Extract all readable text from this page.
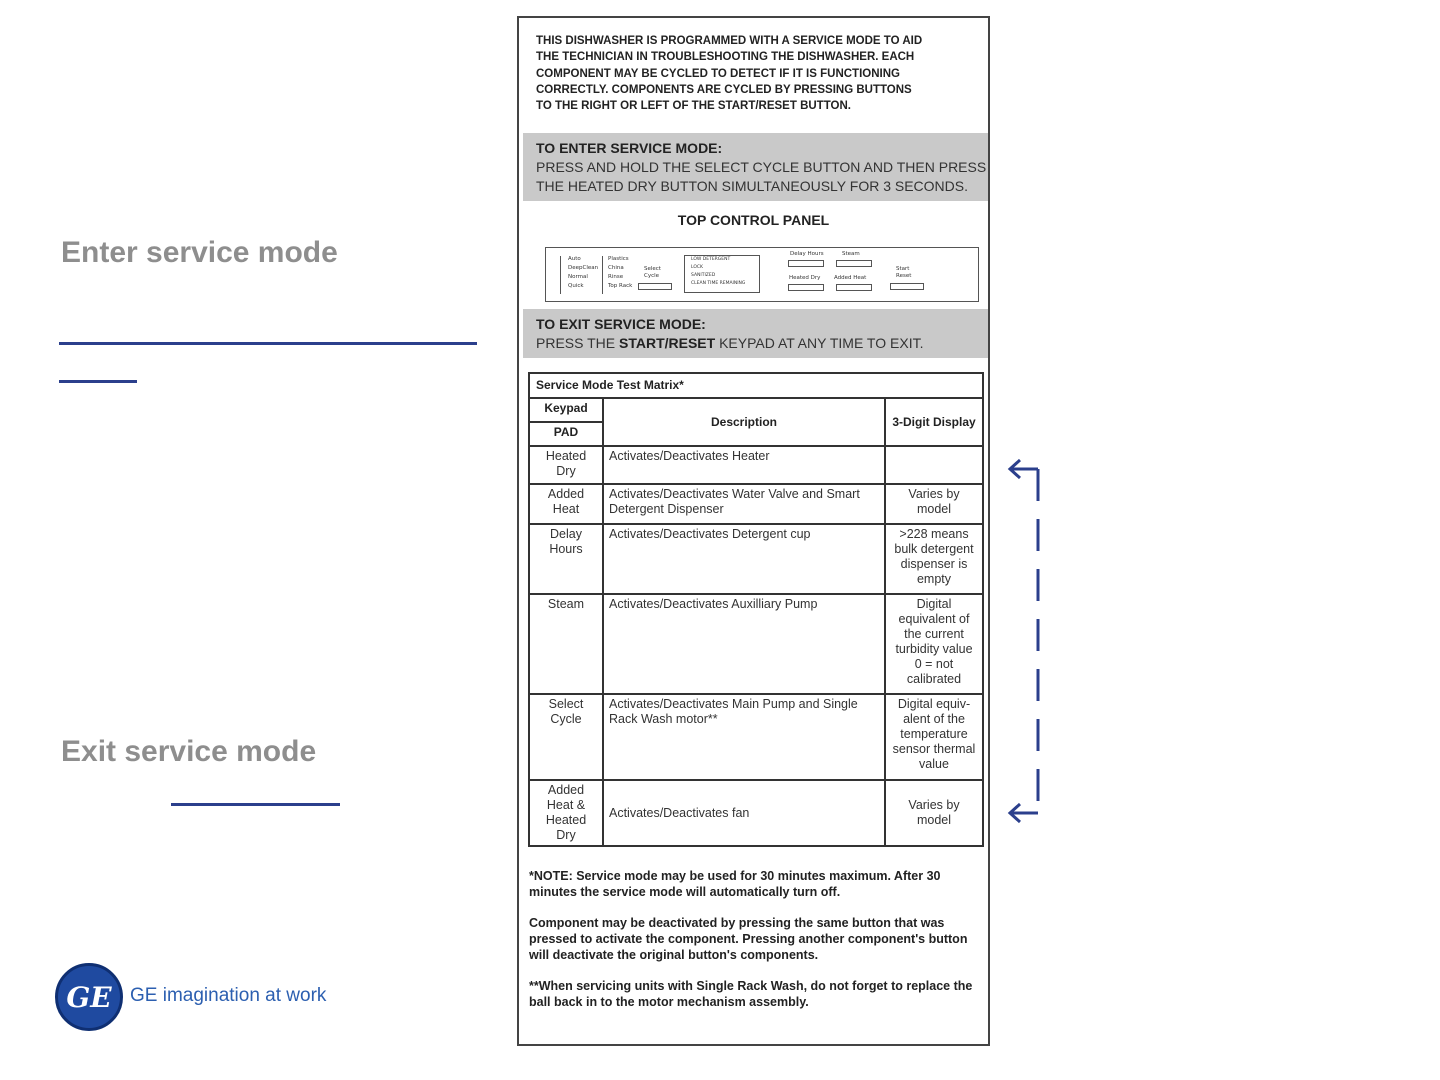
Enter service mode
Exit service mode
GE GE imagination at work
THIS DISHWASHER IS PROGRAMMED WITH A SERVICE MODE TO AID
THE TECHNICIAN IN TROUBLESHOOTING THE DISHWASHER. EACH
COMPONENT MAY BE CYCLED TO DETECT IF IT IS FUNCTIONING
CORRECTLY. COMPONENTS ARE CYCLED BY PRESSING BUTTONS
TO THE RIGHT OR LEFT OF THE START/RESET BUTTON.
TO ENTER SERVICE MODE:
PRESS AND HOLD THE SELECT CYCLE BUTTON AND THEN PRESS
THE HEATED DRY BUTTON SIMULTANEOUSLY FOR 3 SECONDS.
TOP CONTROL PANEL
Auto
DeepClean
Normal
Quick
Plastics
China
Rinse
Top Rack
Select
Cycle
LOW DETERGENT
LOCK
SANITIZED
CLEAN TIME REMAINING
Delay Hours	Steam
Heated Dry Added Heat
Start
Reset
TO EXIT SERVICE MODE:
PRESS THE START/RESET KEYPAD AT ANY TIME TO EXIT.
Service Mode Test Matrix*		
Keypad	Description	3-Digit Display
PAD		
Heated Dry	Activates/Deactivates Heater	
Added Heat	Activates/Deactivates Water Valve and Smart Detergent Dispenser	Varies by model
Delay Hours	Activates/Deactivates Detergent cup	>228 means bulk detergent dispenser is empty
Steam	Activates/Deactivates Auxilliary Pump	Digital equivalent of the current turbidity value 0 = not calibrated
Select Cycle	Activates/Deactivates Main Pump and Single Rack Wash motor**	Digital equiv-alent of the temperature sensor thermal value
Added Heat & Heated Dry	Activates/Deactivates fan	Varies by model

*NOTE: Service mode may be used for 30 minutes maximum. After 30 minutes the service mode will automatically turn off.

Component may be deactivated by pressing the same button that was pressed to activate the component. Pressing another component's button will deactivate the original button's components.

**When servicing units with Single Rack Wash, do not forget to replace the ball back in to the motor mechanism assembly.
